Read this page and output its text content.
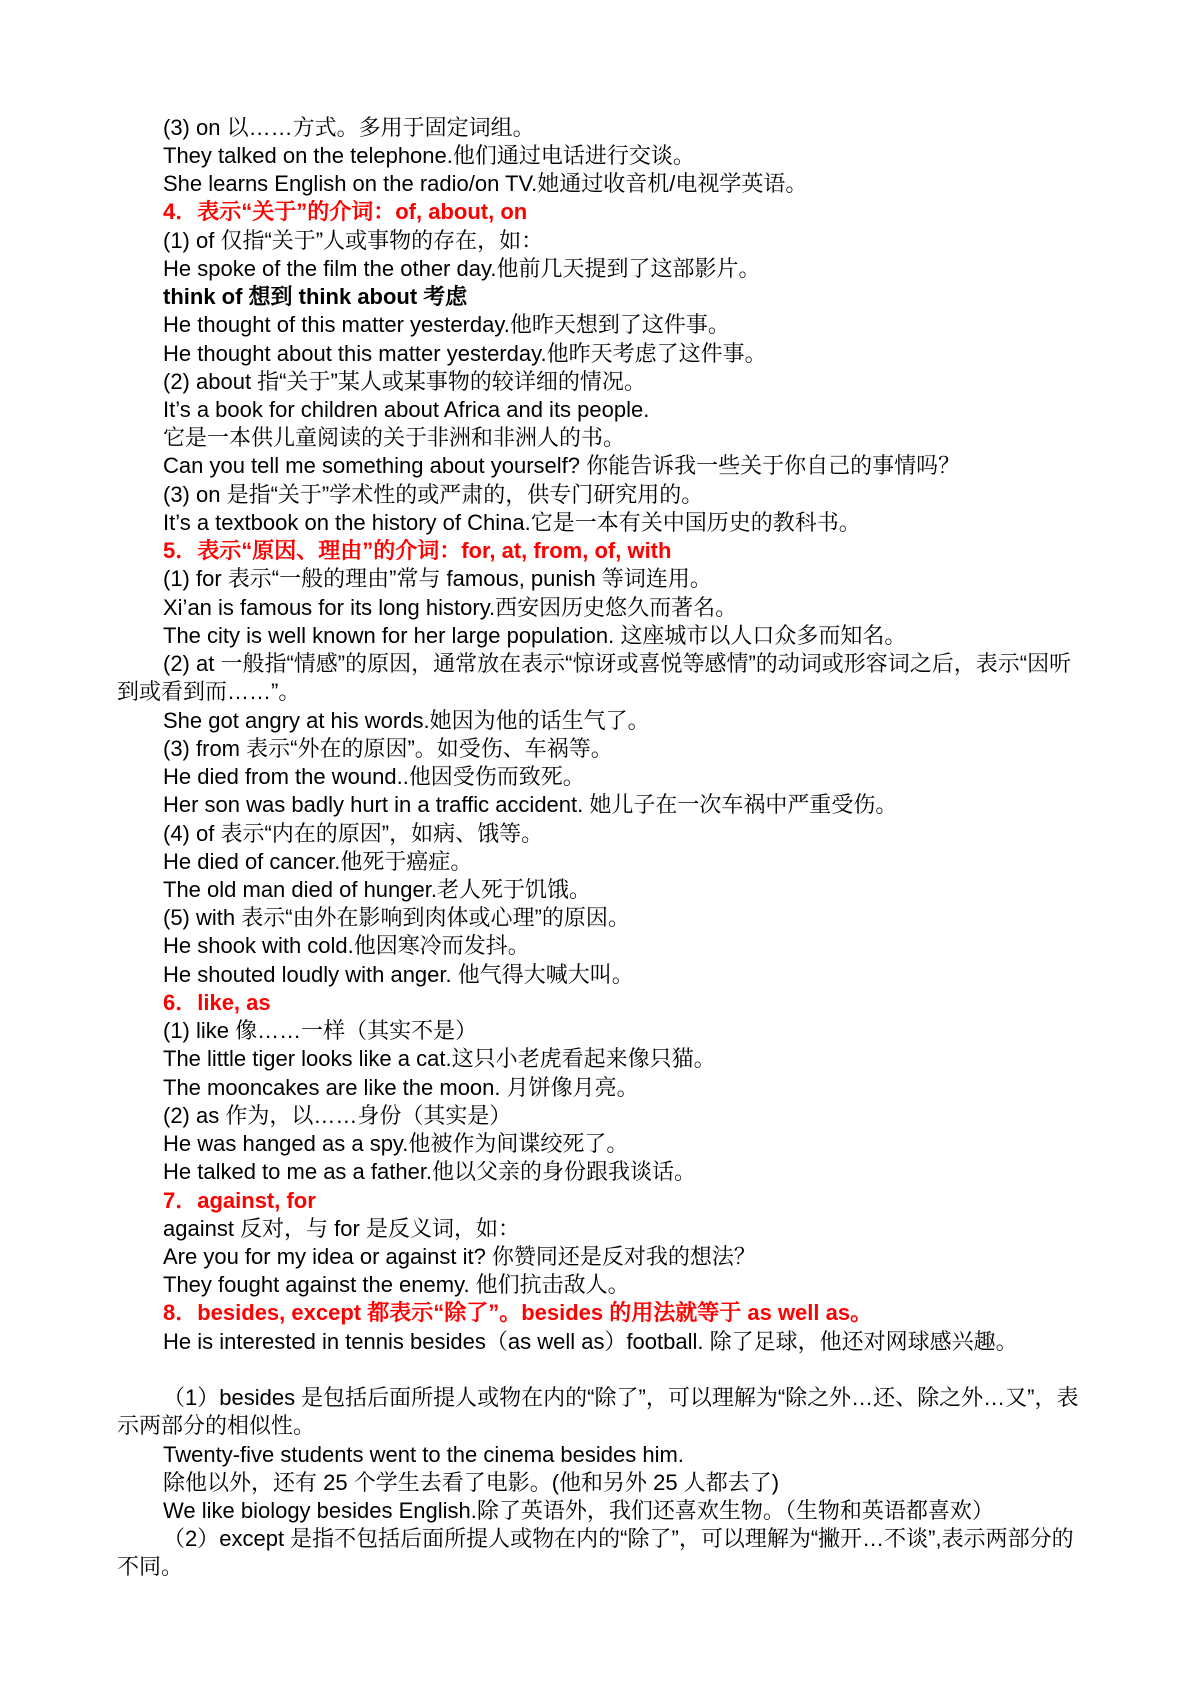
(3) on 以……方式。多用于固定词组。
They talked on the telephone.他们通过电话进行交谈。
She learns English on the radio/on TV.她通过收音机/电视学英语。
4．表示“关于”的介词：of, about, on
(1) of 仅指“关于”人或事物的存在，如：
He spoke of the film the other day.他前几天提到了这部影片。
think of 想到 think about 考虑
He thought of this matter yesterday.他昨天想到了这件事。
He thought about this matter yesterday.他昨天考虑了这件事。
(2) about 指“关于”某人或某事物的较详细的情况。
It’s a book for children about Africa and its people.
它是一本供儿童阅读的关于非洲和非洲人的书。
Can you tell me something about yourself? 你能告诉我一些关于你自己的事情吗？
(3) on 是指“关于”学术性的或严肃的，供专门研究用的。
It’s a textbook on the history of China.它是一本有关中国历史的教科书。
5．表示“原因、理由”的介词：for, at, from, of, with
(1) for 表示“一般的理由”常与 famous, punish 等词连用。
Xi’an is famous for its long history.西安因历史悠久而著名。
The city is well known for her large population. 这座城市以人口众多而知名。
(2) at 一般指“情感”的原因，通常放在表示“惊讶或喜悦等感情”的动词或形容词之后，表示“因听到或看到而……”。
She got angry at his words.她因为他的话生气了。
(3) from 表示“外在的原因”。如受伤、车祸等。
He died from the wound..他因受伤而致死。
Her son was badly hurt in a traffic accident. 她儿子在一次车祸中严重受伤。
(4) of 表示“内在的原因”，如病、饿等。
He died of cancer.他死于癌症。
The old man died of hunger.老人死于饥饿。
(5) with 表示“由外在影响到肉体或心理”的原因。
He shook with cold.他因寒冷而发抖。
He shouted loudly with anger. 他气得大喊大叫。
6．like, as
(1) like 像……一样（其实不是）
The little tiger looks like a cat.这只小老虎看起来像只猫。
The mooncakes are like the moon. 月饼像月亮。
(2) as 作为，以……身份（其实是）
He was hanged as a spy.他被作为间谍绞死了。
He talked to me as a father.他以父亲的身份跟我谈话。
7．against, for
against 反对，与 for 是反义词，如：
Are you for my idea or against it? 你赞同还是反对我的想法？
They fought against the enemy. 他们抗击敌人。
8．besides, except 都表示“除了”。besides 的用法就等于 as well as。
He is interested in tennis besides（as well as）football. 除了足球，他还对网球感兴趣。
（1）besides 是包括后面所提人或物在内的“除了”，可以理解为“除之外…还、除之外…又”，表示两部分的相似性。
Twenty-five students went to the cinema besides him.
除他以外，还有 25 个学生去看了电影。(他和另外 25 人都去了)
We like biology besides English.除了英语外，我们还喜欢生物。（生物和英语都喜欢）
（2）except 是指不包括后面所提人或物在内的“除了”，可以理解为“撇开…不谈”,表示两部分的不同。
